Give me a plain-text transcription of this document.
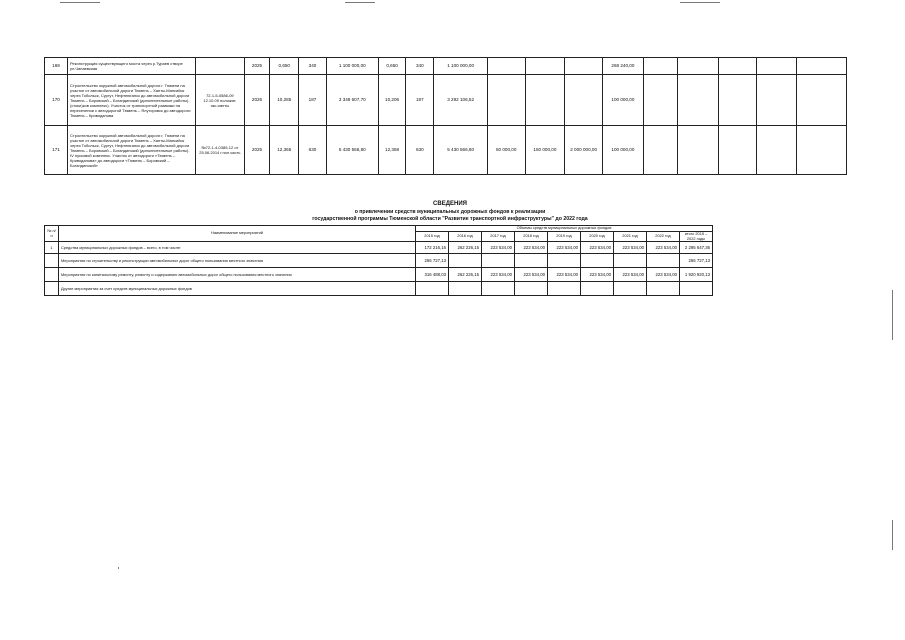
169	Реконструкция существующего моста через р.Тураев створе ул.Чапаевская		2025	0,650	340	1 100 000,00	0,650	340	1 100 000,00				268 240,00					
170	Строительство окружной автомобильной дороги г. Тюмени на участке от автомобильной дороги Тюмень – Ханты-Мансийск через Тобольск, Сургут, Нефтеюганск до автомобильной дороги Тюмень – Боровский – Богандинский (дополнительные работы), (стоки)ков комплекс). Участок от транспортной развязки на пересечении с автодорогой Тюмень – Ялуторовск до автодороги Тюмень – Криводанова	72-1-5-0586-09 12.10.09 положит. экс.сметы	2026	10,285	187	3 349 607,70	10,206	187	3 292 106,52				100 000,00					
171	Строительство окружной автомобильной дороги г. Тюмени на участке от автомобильной дороги Тюмень – Ханты-Мансийск через Тобольск, Сургут, Нефтеюганск до автомобильной дороги Тюмень – Боровский – Богандинский (дополнительные работы). IV пусковой комплекс. Участок от автодороги «Тюмень – Криводанова» до автодороги «Тюмень – Боровский – Богандинский»	№72-1-4-0385-12 от 25.06.2014 г.пол.часть	2025	12,365	630	5 430 566,80	12,368	630	5 430 566,80	50 000,00	150 000,00	2 000 000,00	100 000,00					
СВЕДЕНИЯ
о привлечении средств муниципальных дорожных фондов к реализации
государственной программы Тюменской области "Развитие транспортной инфраструктуры" до 2022 года
№ п/п	Наименование мероприятий	Объемы средств муниципальных дорожных фондов								
		2015 год	2016 год	2017 год	2018 год	2019 год	2020 год	2021 год	2022 год	итого 2015 – 2022 годы
1	Средства муниципальных дорожных фондов – всего, в том числе:	172 216,16	262 226,15	223 534,00	223 534,00	223 534,00	223 534,00	223 534,00	223 534,00	2 295 647,36
	Мероприятия по строительству и реконструкции автомобильных дорог общего пользования местного значения	266 727,13								266 727,13
	Мероприятия по капитальному ремонту, ремонту и содержанию автомобильных дорог общего пользования местного значения	316 488,03	262 226,15	223 534,00	223 534,00	223 534,00	223 534,00	223 534,00	223 534,00	1 920 920,13
	Другие мероприятия за счет средств муниципальных дорожных фондов									
